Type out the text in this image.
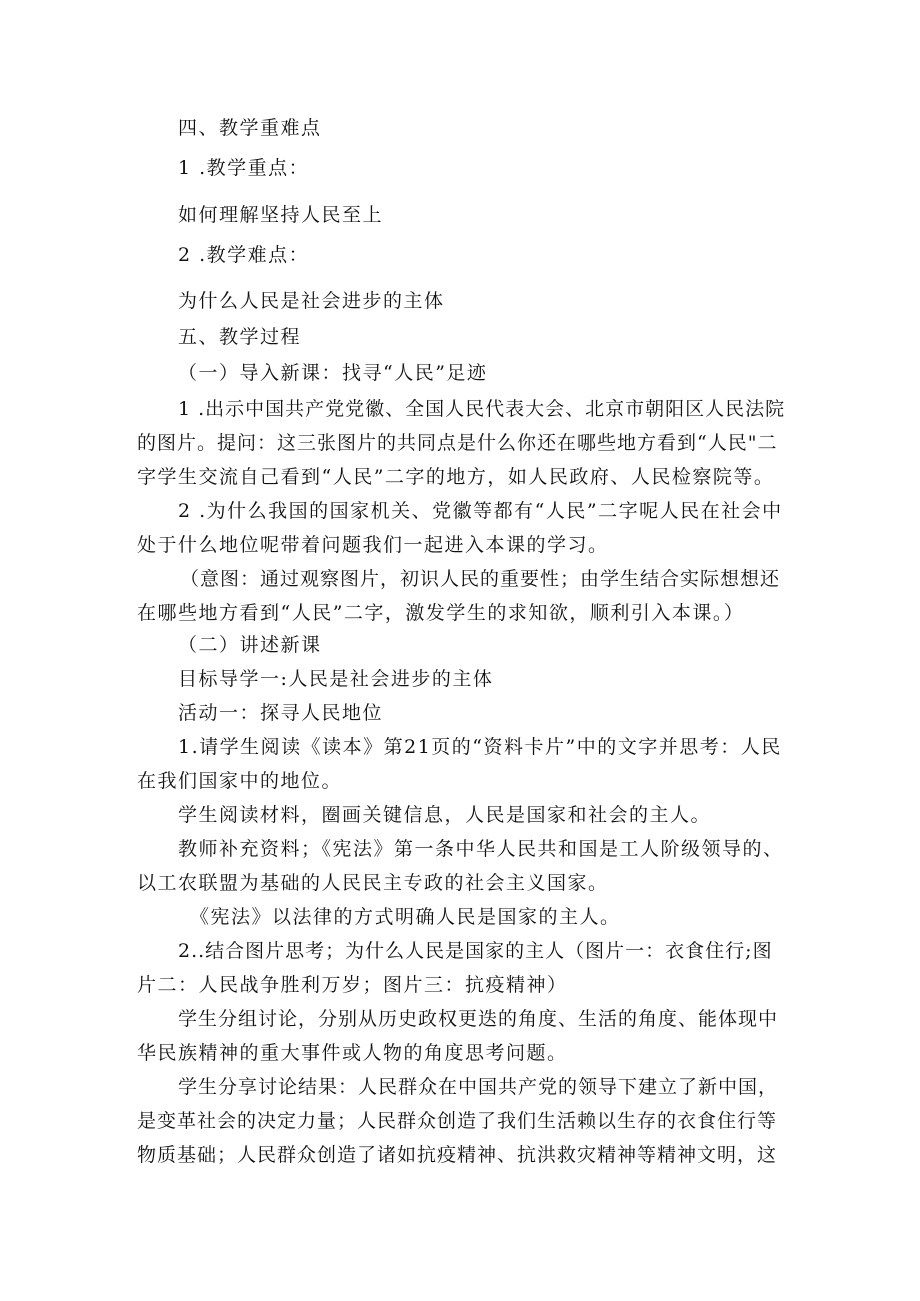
四、教学重难点

1 .教学重点：

如何理解坚持人民至上

2 .教学难点：

为什么人民是社会进步的主体

五、教学过程

（一）导入新课：找寻“人民”足迹

1 .出示中国共产党党徽、全国人民代表大会、北京市朝阳区人民法院

的图片。提问：这三张图片的共同点是什么你还在哪些地方看到“人民"二

字学生交流自己看到“人民”二字的地方，如人民政府、人民检察院等。

2 .为什么我国的国家机关、党徽等都有“人民”二字呢人民在社会中

处于什么地位呢带着问题我们一起进入本课的学习。

（意图：通过观察图片，初识人民的重要性；由学生结合实际想想还

在哪些地方看到“人民”二字，激发学生的求知欲，顺利引入本课。）

（二）讲述新课

目标导学一:人民是社会进步的主体

活动一：探寻人民地位

1.请学生阅读《读本》第21页的“资料卡片”中的文字并思考：人民

在我们国家中的地位。

学生阅读材料，圈画关键信息，人民是国家和社会的主人。

教师补充资料；《宪法》第一条中华人民共和国是工人阶级领导的、

以工农联盟为基础的人民民主专政的社会主义国家。

《宪法》以法律的方式明确人民是国家的主人。

2..结合图片思考；为什么人民是国家的主人（图片一：衣食住行;图

片二：人民战争胜利万岁；图片三：抗疫精神）

学生分组讨论，分别从历史政权更迭的角度、生活的角度、能体现中

华民族精神的重大事件或人物的角度思考问题。

学生分享讨论结果：人民群众在中国共产党的领导下建立了新中国，

是变革社会的决定力量；人民群众创造了我们生活赖以生存的衣食住行等

物质基础；人民群众创造了诸如抗疫精神、抗洪救灾精神等精神文明，这
